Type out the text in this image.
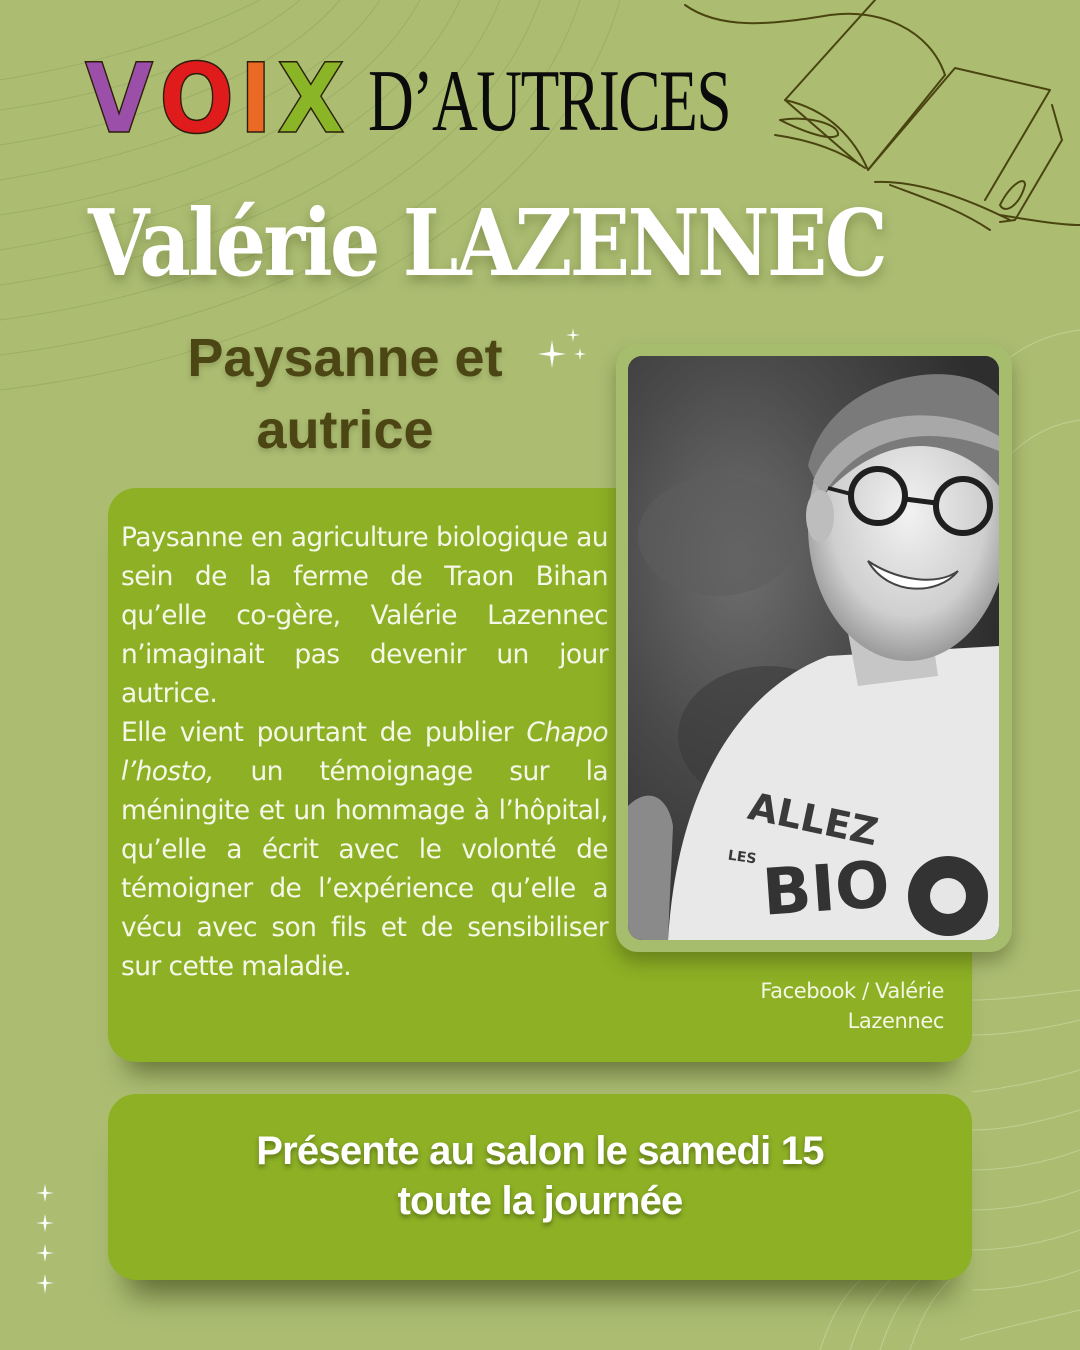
V O I X D’AUTRICES
Valérie LAZENNEC
Paysanne et
autrice

Paysanne en agriculture biologique au sein de la ferme de Traon Bihan qu’elle co-gère, Valérie Lazennec n’imaginait pas devenir un jour autrice.

Elle vient pourtant de publier Chapo l’hosto, un témoignage sur la méningite et un hommage à l’hôpital, qu’elle a écrit avec le volonté de témoigner de l’expérience qu’elle a vécu avec son fils et de sensibiliser sur cette maladie.

ALLEZ
LES BIO
Facebook / Valérie
Lazennec
Présente au salon le samedi 15
toute la journée
